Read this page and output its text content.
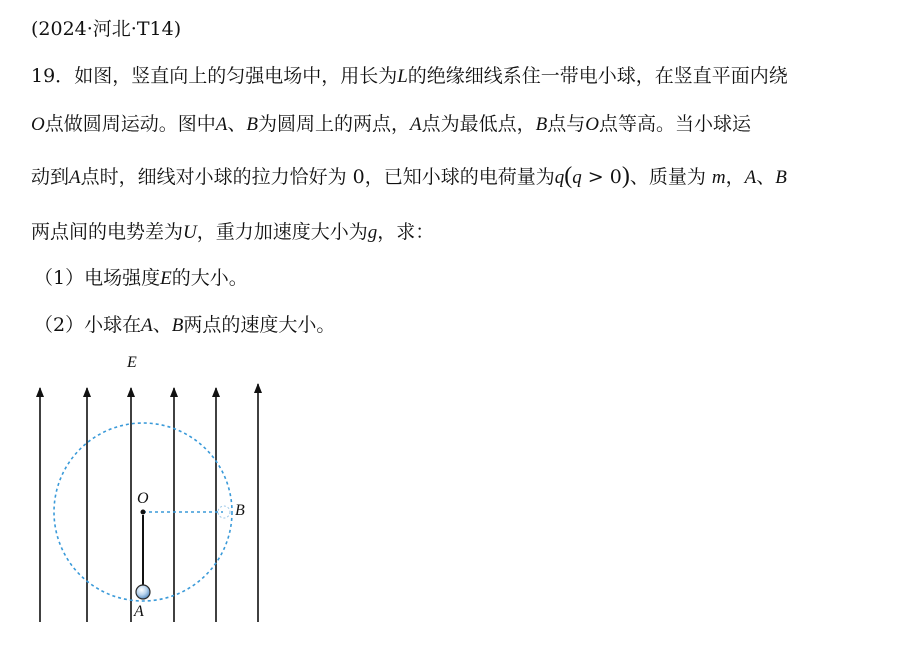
(2024·河北·T14)
19．如图，竖直向上的匀强电场中，用长为L的绝缘细线系住一带电小球，在竖直平面内绕
O点做圆周运动。图中A、B为圆周上的两点，A点为最低点，B点与O点等高。当小球运
动到A点时，细线对小球的拉力恰好为 0，已知小球的电荷量为q(q > 0)、质量为 m，A、B
两点间的电势差为U，重力加速度大小为g，求：
（1）电场强度E的大小。
（2）小球在A、B两点的速度大小。
E
O
B
A
